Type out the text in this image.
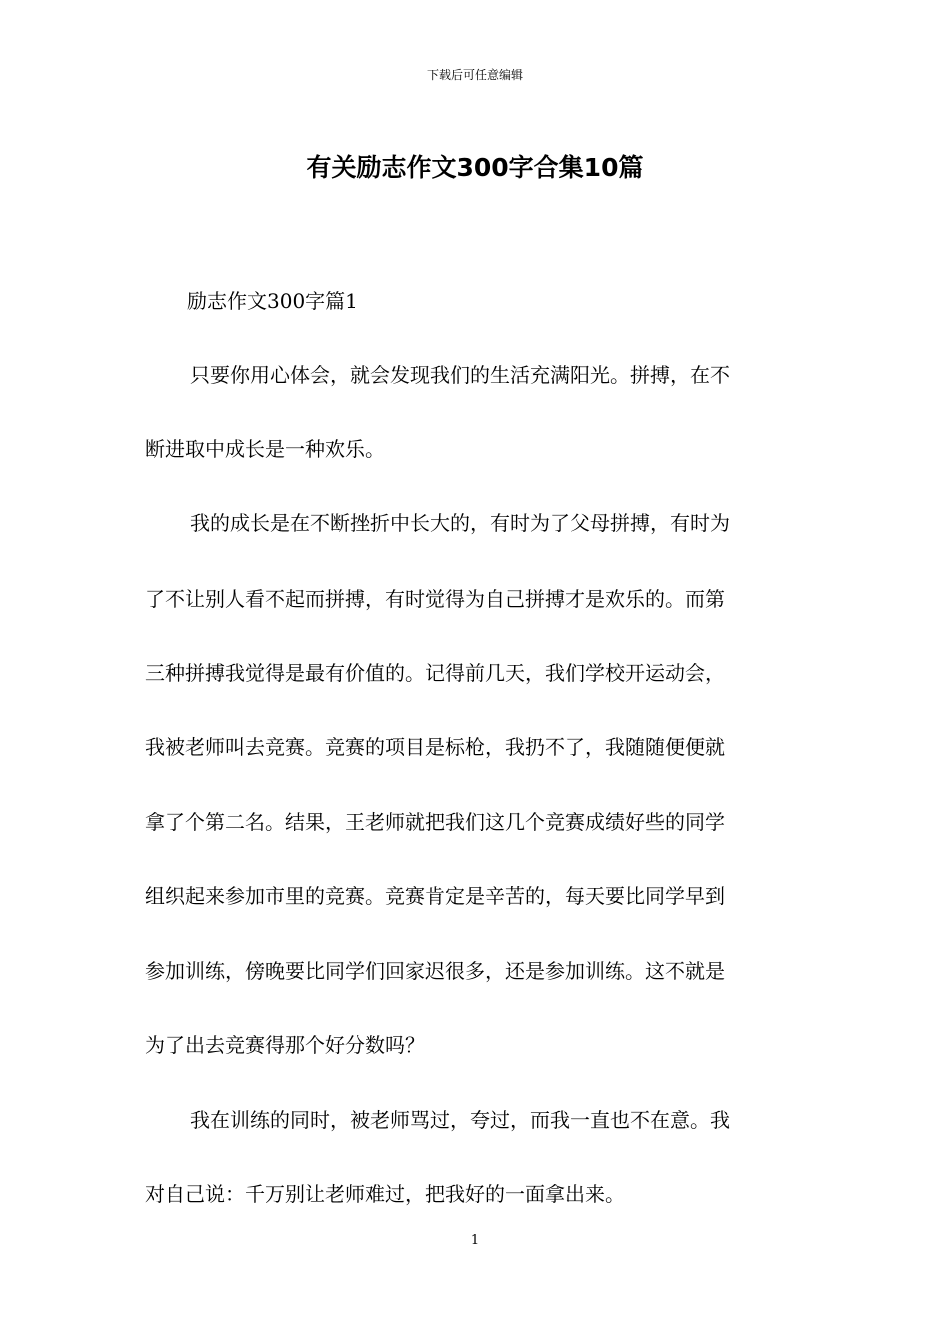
下载后可任意编辑
有关励志作文300字合集10篇

励志作文300字篇1

只要你用心体会，就会发现我们的生活充满阳光。拼搏，在不

断进取中成长是一种欢乐。

我的成长是在不断挫折中长大的，有时为了父母拼搏，有时为

了不让别人看不起而拼搏，有时觉得为自己拼搏才是欢乐的。而第

三种拼搏我觉得是最有价值的。记得前几天，我们学校开运动会，

我被老师叫去竞赛。竞赛的项目是标枪，我扔不了，我随随便便就

拿了个第二名。结果，王老师就把我们这几个竞赛成绩好些的同学

组织起来参加市里的竞赛。竞赛肯定是辛苦的，每天要比同学早到

参加训练，傍晚要比同学们回家迟很多，还是参加训练。这不就是

为了出去竞赛得那个好分数吗？

我在训练的同时，被老师骂过，夸过，而我一直也不在意。我

对自己说：千万别让老师难过，把我好的一面拿出来。

1
